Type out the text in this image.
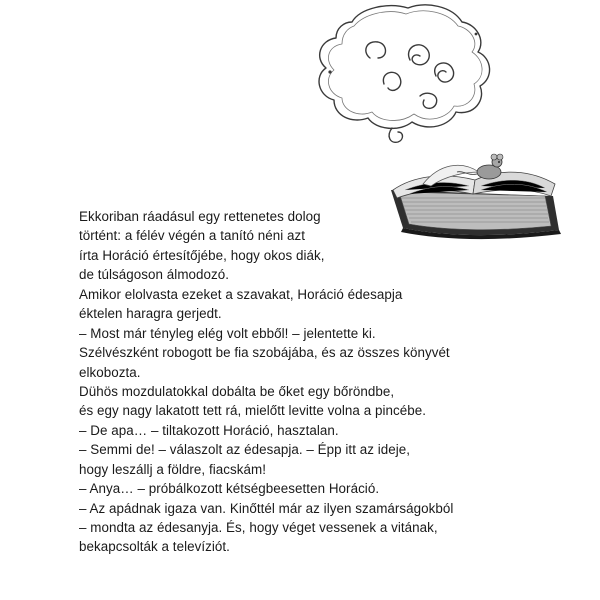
Ekkoriban ráadásul egy rettenetes dolog
történt: a félév végén a tanító néni azt
írta Horáció értesítőjébe, hogy okos diák,
de túlságoson álmodozó.
Amikor elolvasta ezeket a szavakat, Horáció édesapja
éktelen haragra gerjedt.
– Most már tényleg elég volt ebből! – jelentette ki.
Szélvészként robogott be fia szobájába, és az összes könyvét
elkobozta.
Dühös mozdulatokkal dobálta be őket egy bőröndbe,
és egy nagy lakatott tett rá, mielőtt levitte volna a pincébe.
– De apa… – tiltakozott Horáció, hasztalan.
– Semmi de! – válaszolt az édesapja. – Épp itt az ideje,
hogy leszállj a földre, fiacskám!
– Anya… – próbálkozott kétségbeesetten Horáció.
– Az apádnak igaza van. Kinőttél már az ilyen szamárságokból
– mondta az édesanyja. És, hogy véget vessenek a vitának,
bekapcsolták a televíziót.
